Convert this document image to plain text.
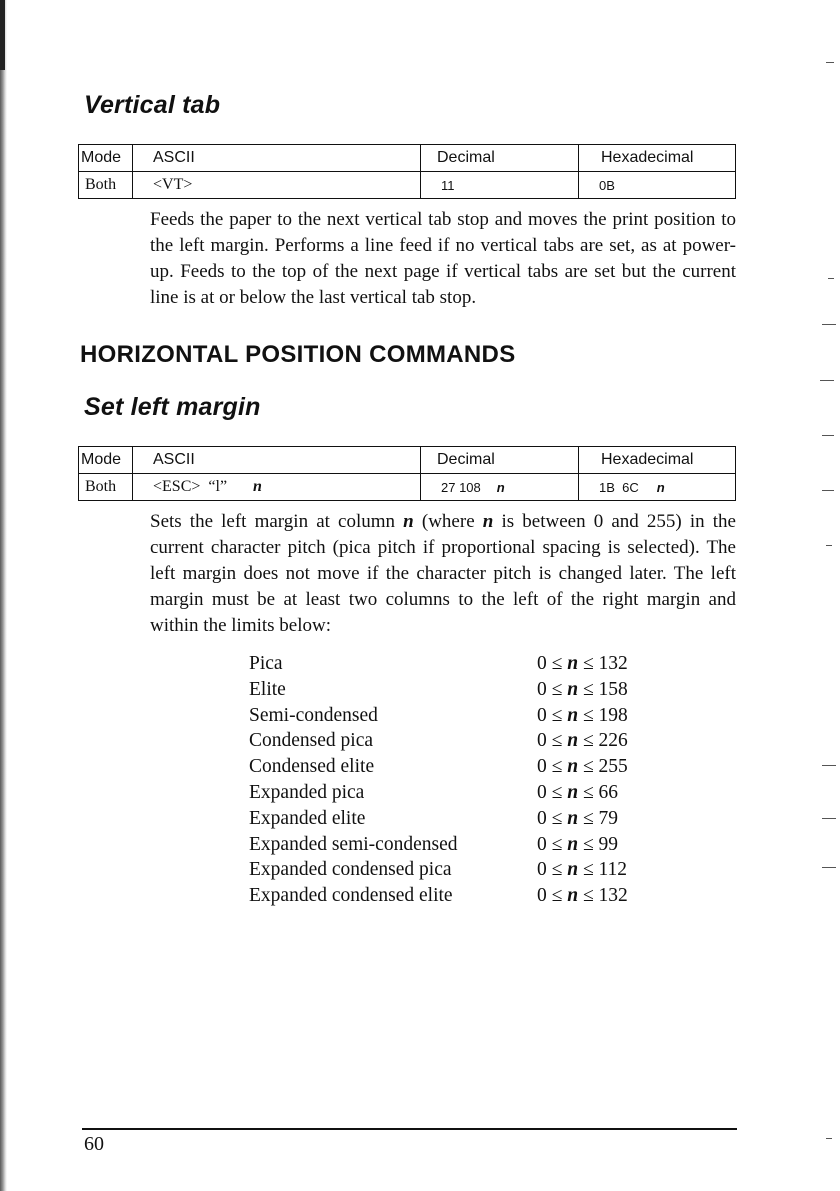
Vertical tab
Mode	ASCII	Decimal	Hexadecimal
Both	<VT>	11	0B

Feeds the paper to the next vertical tab stop and moves the print position to the left margin. Performs a line feed if no vertical tabs are set, as at power-up. Feeds to the top of the next page if vertical tabs are set but the current line is at or below the last vertical tab stop.

HORIZONTAL POSITION COMMANDS
Set left margin
Mode	ASCII	Decimal	Hexadecimal
Both	<ESC>  “l” n	27 108 n	1B  6C n

Sets the left margin at column n (where n is between 0 and 255) in the current character pitch (pica pitch if proportional spacing is selected). The left margin does not move if the character pitch is changed later. The left margin must be at least two columns to the left of the right margin and within the limits below:

Pica	0 ≤ n ≤ 132
Elite	0 ≤ n ≤ 158
Semi-condensed	0 ≤ n ≤ 198
Condensed pica	0 ≤ n ≤ 226
Condensed elite	0 ≤ n ≤ 255
Expanded pica	0 ≤ n ≤ 66
Expanded elite	0 ≤ n ≤ 79
Expanded semi-condensed	0 ≤ n ≤ 99
Expanded condensed pica	0 ≤ n ≤ 112
Expanded condensed elite	0 ≤ n ≤ 132

60
